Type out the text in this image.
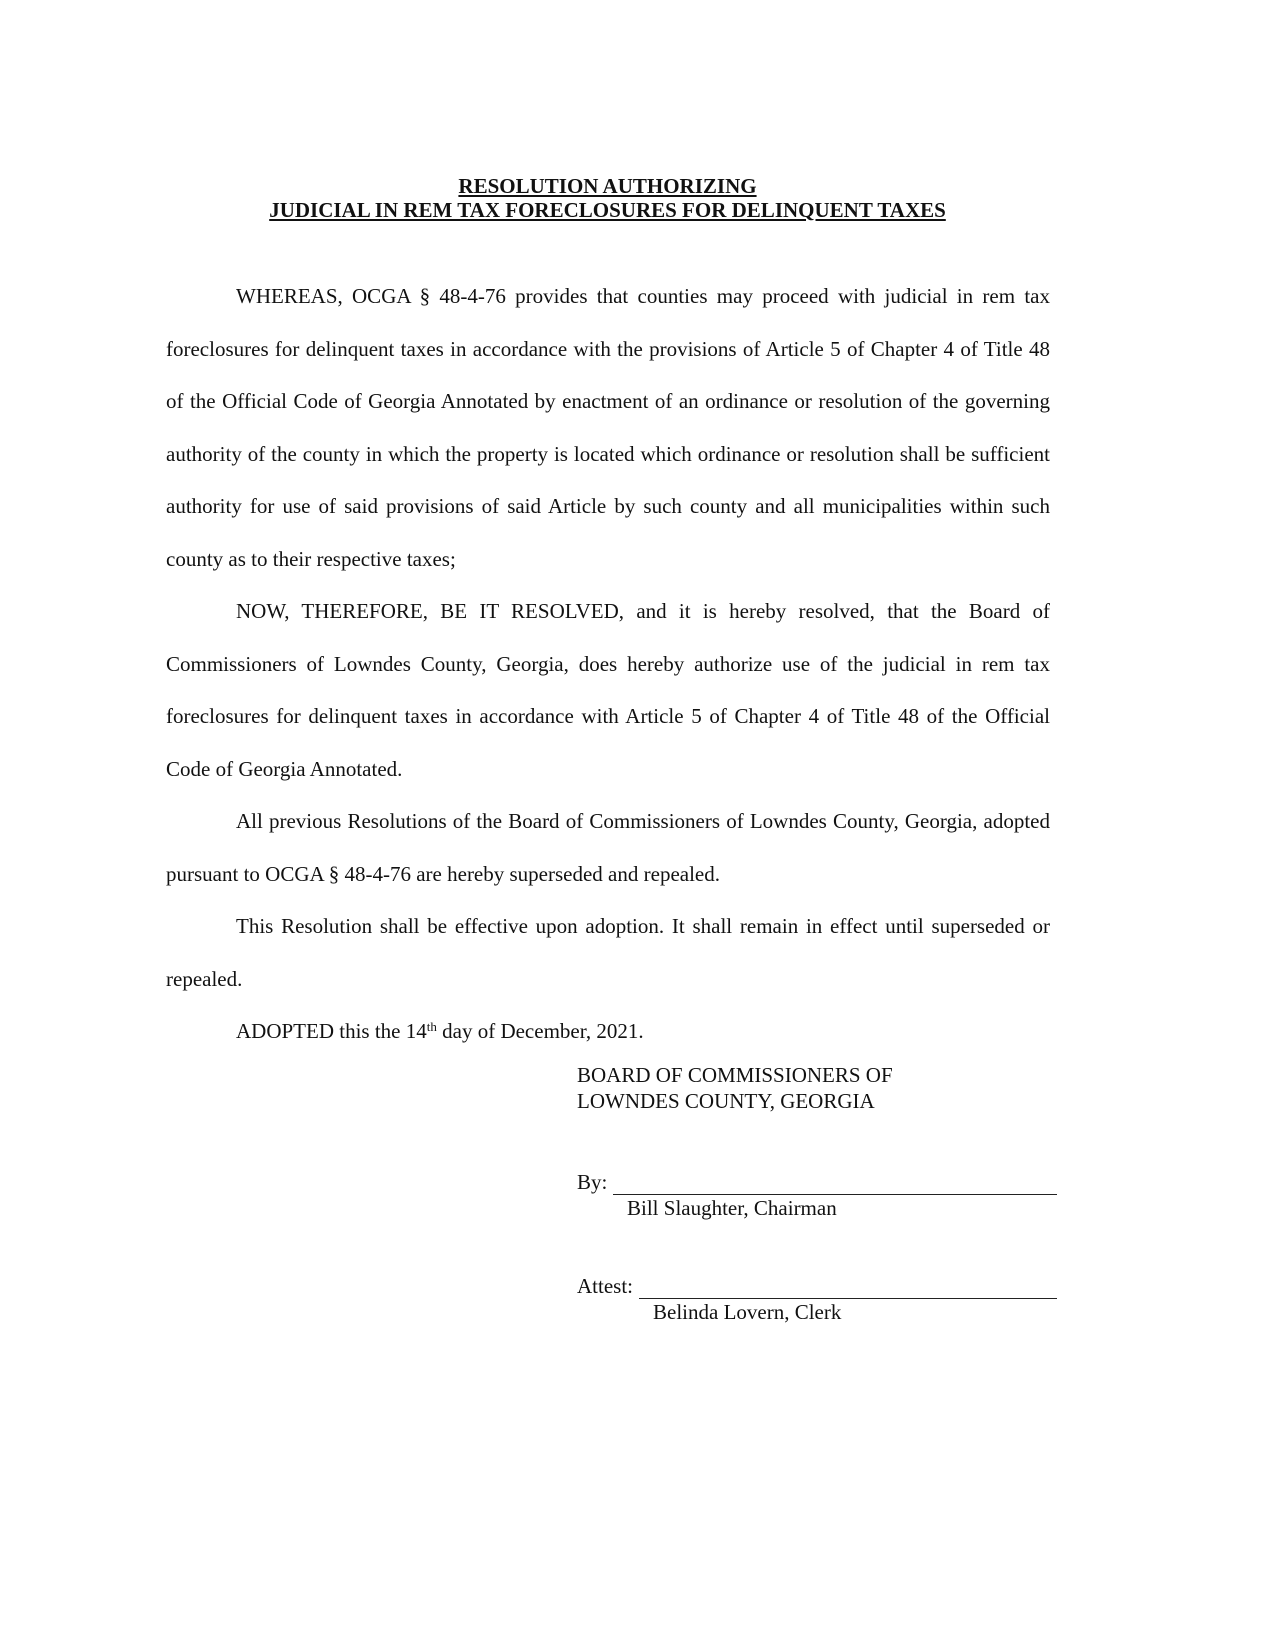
RESOLUTION AUTHORIZING
JUDICIAL IN REM TAX FORECLOSURES FOR DELINQUENT TAXES

WHEREAS, OCGA § 48-4-76 provides that counties may proceed with judicial in rem tax foreclosures for delinquent taxes in accordance with the provisions of Article 5 of Chapter 4 of Title 48 of the Official Code of Georgia Annotated by enactment of an ordinance or resolution of the governing authority of the county in which the property is located which ordinance or resolution shall be sufficient authority for use of said provisions of said Article by such county and all municipalities within such county as to their respective taxes;

NOW, THEREFORE, BE IT RESOLVED, and it is hereby resolved, that the Board of Commissioners of Lowndes County, Georgia, does hereby authorize use of the judicial in rem tax foreclosures for delinquent taxes in accordance with Article 5 of Chapter 4 of Title 48 of the Official Code of Georgia Annotated.

All previous Resolutions of the Board of Commissioners of Lowndes County, Georgia, adopted pursuant to OCGA § 48-4-76 are hereby superseded and repealed.

This Resolution shall be effective upon adoption. It shall remain in effect until superseded or repealed.

ADOPTED this the 14th day of December, 2021.

BOARD OF COMMISSIONERS OF
LOWNDES COUNTY, GEORGIA
By:
Bill Slaughter, Chairman
Attest:
Belinda Lovern, Clerk
